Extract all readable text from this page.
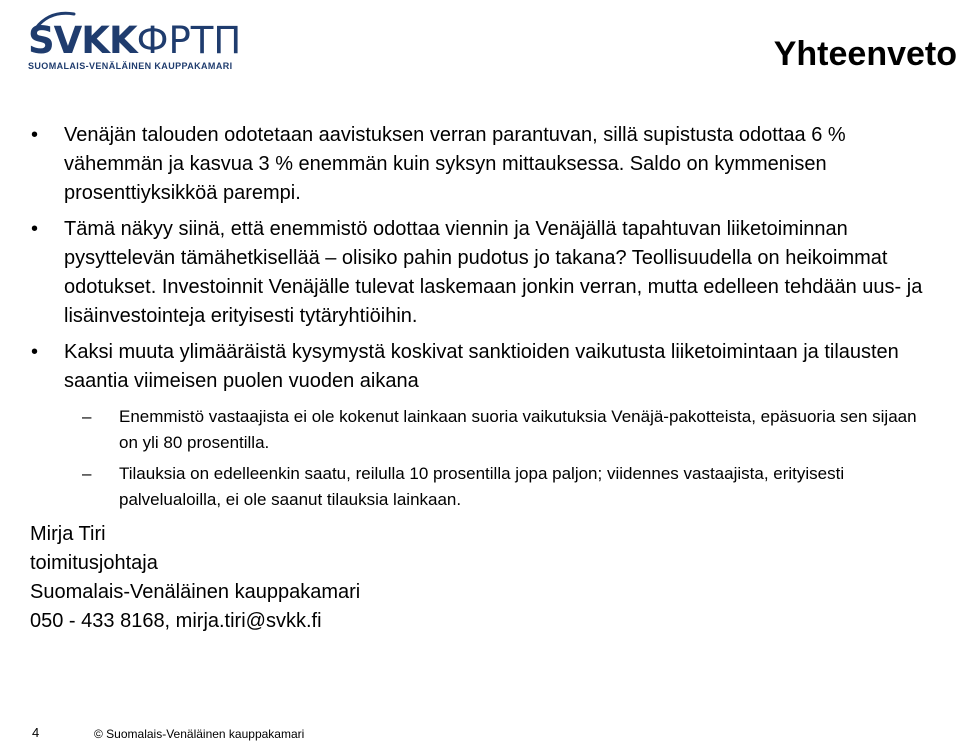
SVKKФРТП
SUOMALAIS-VENÄLÄINEN KAUPPAKAMARI	Yhteenveto
• Venäjän talouden odotetaan aavistuksen verran parantuvan, sillä supistusta odottaa 6 % vähemmän ja kasvua 3 % enemmän kuin syksyn mittauksessa. Saldo on kymmenisen prosenttiyksikköä parempi.
• Tämä näkyy siinä, että enemmistö odottaa viennin ja Venäjällä tapahtuvan liiketoiminnan pysyttelevän tämähetkisellää – olisiko pahin pudotus jo takana? Teollisuudella on heikoimmat odotukset. Investoinnit Venäjälle tulevat laskemaan jonkin verran, mutta edelleen tehdään uus- ja lisäinvestointeja erityisesti tytäryhtiöihin.
• Kaksi muuta ylimääräistä kysymystä koskivat sanktioiden vaikutusta liiketoimintaan ja tilausten saantia viimeisen puolen vuoden aikana
– Enemmistö vastaajista ei ole kokenut lainkaan suoria vaikutuksia Venäjä-pakotteista, epäsuoria sen sijaan on yli 80 prosentilla.
– Tilauksia on edelleenkin saatu, reilulla 10 prosentilla jopa paljon; viidennes vastaajista, erityisesti palvelualoilla, ei ole saanut tilauksia lainkaan.
Mirja Tiri
toimitusjohtaja
Suomalais-Venäläinen kauppakamari
050 - 433 8168, mirja.tiri@svkk.fi
4	© Suomalais-Venäläinen kauppakamari
